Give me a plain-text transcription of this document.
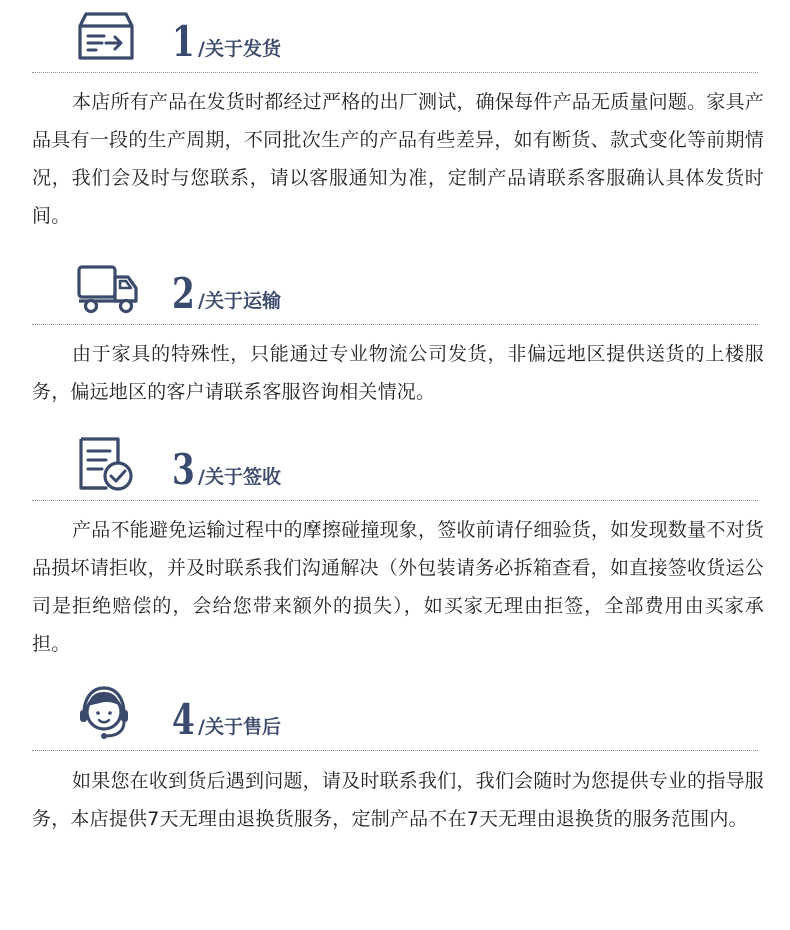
1 / 关于发货

本店所有产品在发货时都经过严格的出厂测试，确保每件产品无质量问题。家具产品具有一段的生产周期，不同批次生产的产品有些差异，如有断货、款式变化等前期情况，我们会及时与您联系，请以客服通知为准，定制产品请联系客服确认具体发货时间。

2 / 关于运输

由于家具的特殊性，只能通过专业物流公司发货，非偏远地区提供送货的上楼服务，偏远地区的客户请联系客服咨询相关情况。

3 / 关于签收

产品不能避免运输过程中的摩擦碰撞现象，签收前请仔细验货，如发现数量不对货品损坏请拒收，并及时联系我们沟通解决（外包装请务必拆箱查看，如直接签收货运公司是拒绝赔偿的，会给您带来额外的损失），如买家无理由拒签，全部费用由买家承担。

4 / 关于售后

如果您在收到货后遇到问题，请及时联系我们，我们会随时为您提供专业的指导服务，本店提供7天无理由退换货服务，定制产品不在7天无理由退换货的服务范围内。
